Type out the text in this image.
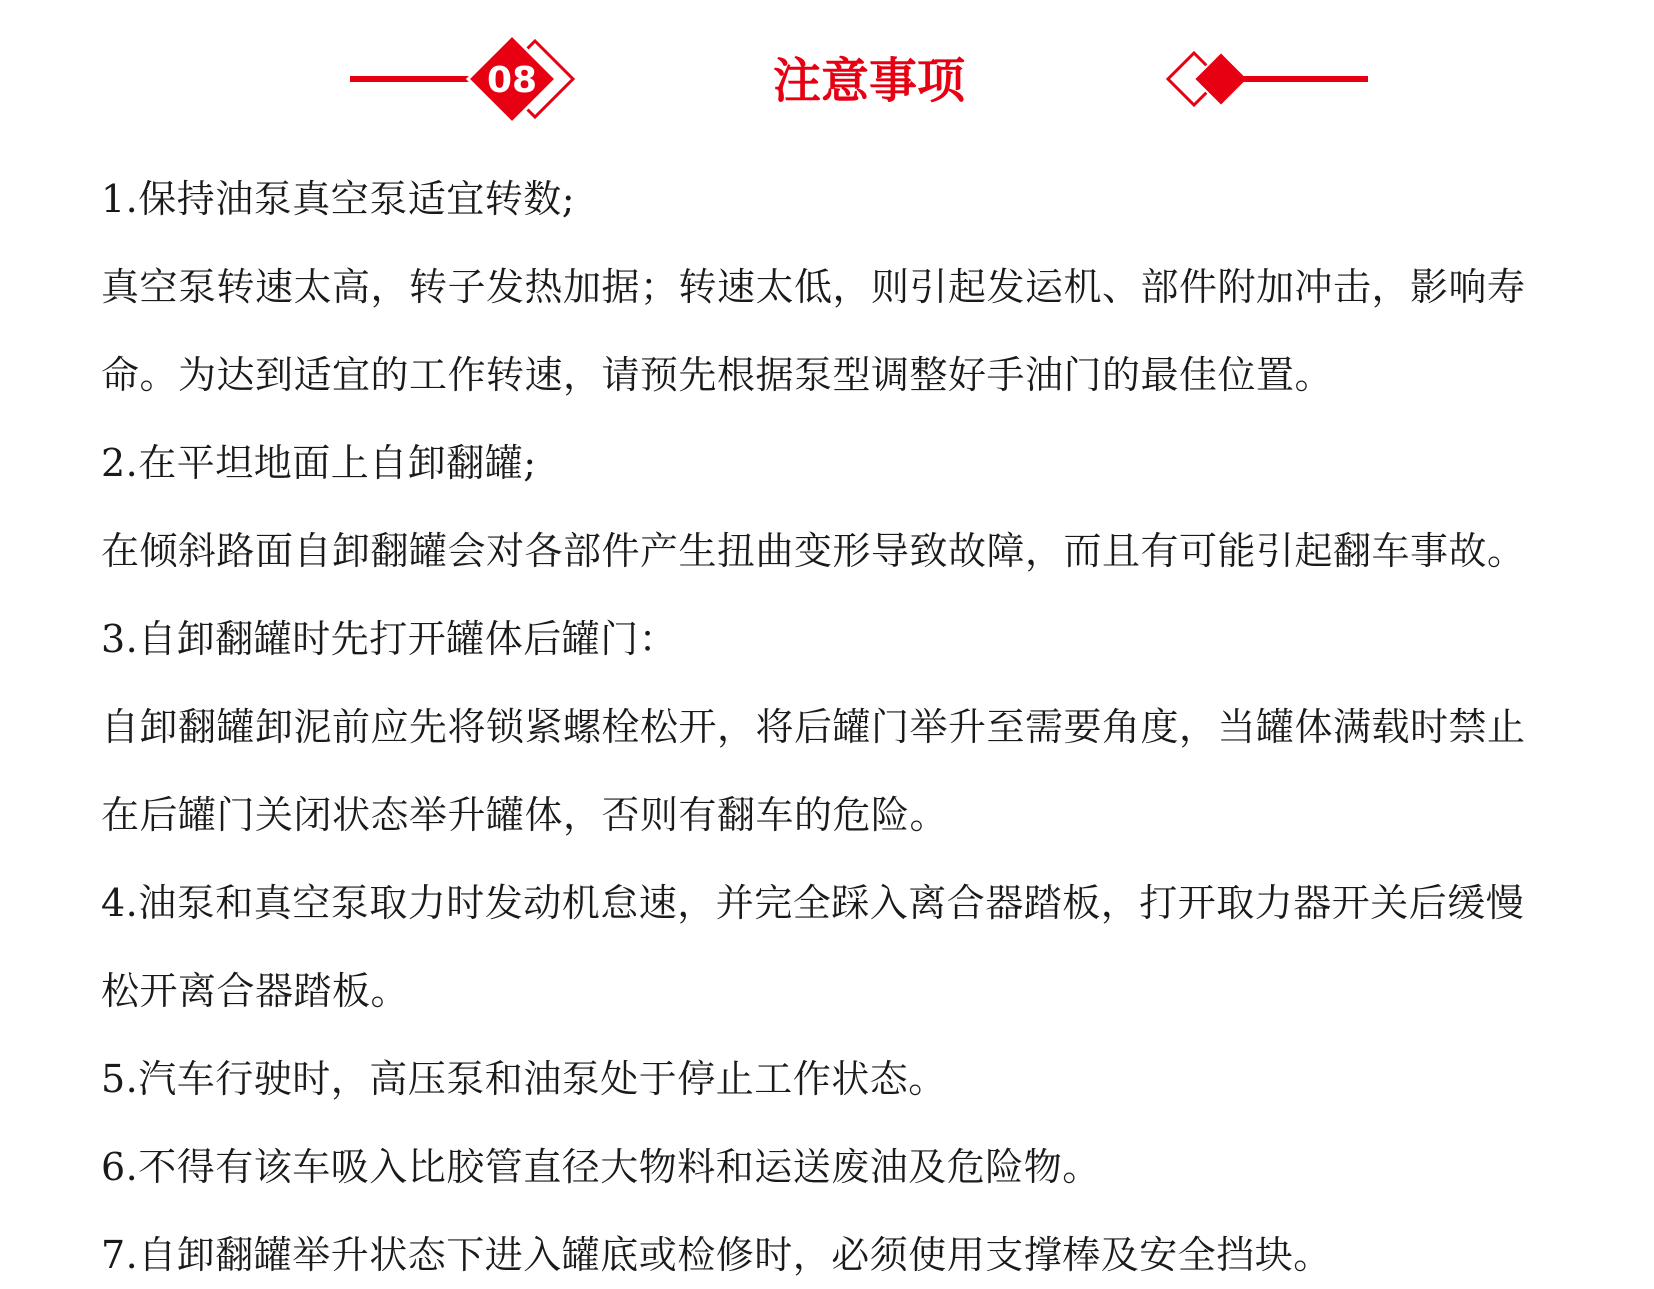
08	注意事项
1.保持油泵真空泵适宜转数;
真空泵转速太高，转子发热加据；转速太低，则引起发运机、部件附加冲击，影响寿
命。为达到适宜的工作转速，请预先根据泵型调整好手油门的最佳位置。
2.在平坦地面上自卸翻罐;
在倾斜路面自卸翻罐会对各部件产生扭曲变形导致故障，而且有可能引起翻车事故。
3.自卸翻罐时先打开罐体后罐门：
自卸翻罐卸泥前应先将锁紧螺栓松开，将后罐门举升至需要角度，当罐体满载时禁止
在后罐门关闭状态举升罐体，否则有翻车的危险。
4.油泵和真空泵取力时发动机怠速，并完全踩入离合器踏板，打开取力器开关后缓慢
松开离合器踏板。
5.汽车行驶时，高压泵和油泵处于停止工作状态。
6.不得有该车吸入比胶管直径大物料和运送废油及危险物。
7.自卸翻罐举升状态下进入罐底或检修时，必须使用支撑棒及安全挡块。
